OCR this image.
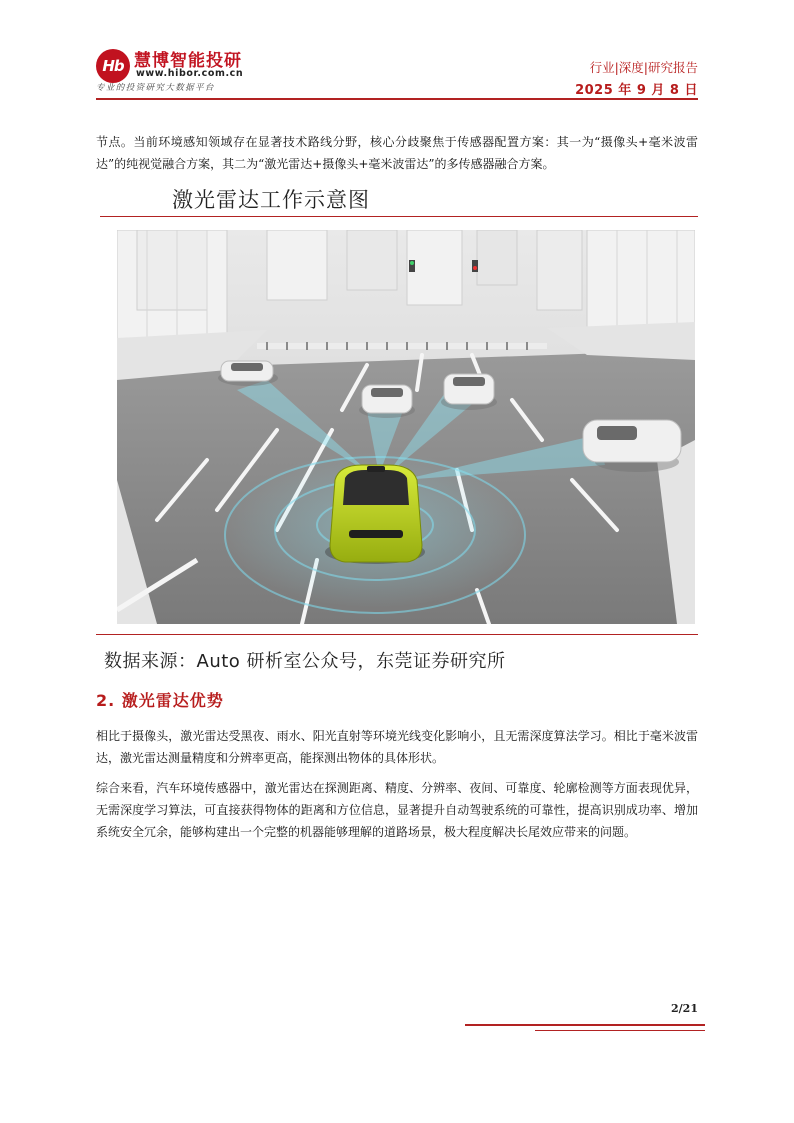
Hb 慧博智能投研
www.hibor.com.cn
专业的投资研究大数据平台
行业|深度|研究报告
2025 年 9 月 8 日
节点。当前环境感知领域存在显著技术路线分野，核心分歧聚焦于传感器配置方案：其一为“摄像头+毫米波雷达”的纯视觉融合方案，其二为“激光雷达+摄像头+毫米波雷达”的多传感器融合方案。
激光雷达工作示意图
数据来源：Auto 研析室公众号，东莞证券研究所
2. 激光雷达优势
相比于摄像头，激光雷达受黑夜、雨水、阳光直射等环境光线变化影响小，且无需深度算法学习。相比于毫米波雷达，激光雷达测量精度和分辨率更高，能探测出物体的具体形状。
综合来看，汽车环境传感器中，激光雷达在探测距离、精度、分辨率、夜间、可靠度、轮廓检测等方面表现优异，无需深度学习算法，可直接获得物体的距离和方位信息，显著提升自动驾驶系统的可靠性，提高识别成功率、增加系统安全冗余，能够构建出一个完整的机器能够理解的道路场景，极大程度解决长尾效应带来的问题。
2/21
